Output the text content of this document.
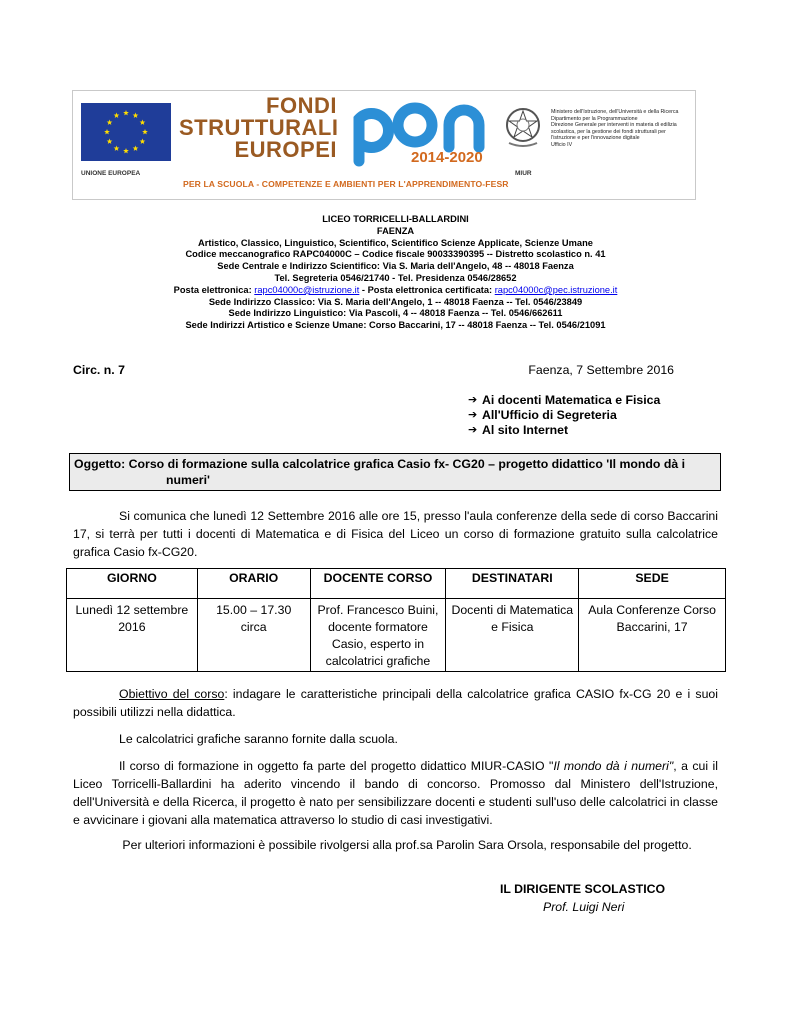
UNIONE EUROPEA
FONDI
STRUTTURALI
EUROPEI	2014-2020
Ministero dell'Istruzione, dell'Università e della Ricerca
Dipartimento per la Programmazione
Direzione Generale per interventi in materia di edilizia
scolastica, per la gestione dei fondi strutturali per
l'istruzione e per l'innovazione digitale
Ufficio IV
MIUR
PER LA SCUOLA - COMPETENZE E AMBIENTI PER L'APPRENDIMENTO-FESR
LICEO TORRICELLI-BALLARDINI
FAENZA
Artistico, Classico, Linguistico, Scientifico, Scientifico Scienze Applicate, Scienze Umane
Codice meccanografico RAPC04000C – Codice fiscale 90033390395 -- Distretto scolastico n. 41
Sede Centrale e Indirizzo Scientifico: Via S. Maria dell'Angelo, 48 -- 48018 Faenza
Tel. Segreteria 0546/21740 - Tel. Presidenza 0546/28652
Posta elettronica: rapc04000c@istruzione.it - Posta elettronica certificata: rapc04000c@pec.istruzione.it
Sede Indirizzo Classico: Via S. Maria dell'Angelo, 1 -- 48018 Faenza -- Tel. 0546/23849
Sede Indirizzo Linguistico: Via Pascoli, 4 -- 48018 Faenza -- Tel. 0546/662611
Sede Indirizzi Artistico e Scienze Umane: Corso Baccarini, 17 -- 48018 Faenza -- Tel. 0546/21091
Circ. n. 7	Faenza, 7 Settembre 2016
➔ Ai docenti Matematica e Fisica
➔ All'Ufficio di Segreteria
➔ Al sito Internet
Oggetto: Corso di formazione sulla calcolatrice grafica Casio fx- CG20 – progetto didattico 'Il mondo dà i
numeri'
Si comunica che lunedì 12 Settembre 2016 alle ore 15, presso l'aula conferenze della sede di corso Baccarini 17, si terrà per tutti i docenti di Matematica e di Fisica del Liceo un corso di formazione gratuito sulla calcolatrice grafica Casio fx-CG20.
GIORNO	ORARIO	DOCENTE CORSO	DESTINATARI	SEDE
Lunedì 12 settembre 2016	15.00 – 17.30 circa	Prof. Francesco Buini, docente formatore Casio, esperto in calcolatrici grafiche	Docenti di Matematica e Fisica	Aula Conferenze Corso Baccarini, 17
Obiettivo del corso: indagare le caratteristiche principali della calcolatrice grafica CASIO fx-CG 20 e i suoi possibili utilizzi nella didattica.
Le calcolatrici grafiche saranno fornite dalla scuola.
Il corso di formazione in oggetto fa parte del progetto didattico MIUR-CASIO "Il mondo dà i numeri", a cui il Liceo Torricelli-Ballardini ha aderito vincendo il bando di concorso. Promosso dal Ministero dell'Istruzione, dell'Università e della Ricerca, il progetto è nato per sensibilizzare docenti e studenti sull'uso delle calcolatrici in classe e avvicinare i giovani alla matematica attraverso lo studio di casi investigativi.
Per ulteriori informazioni è possibile rivolgersi alla prof.sa Parolin Sara Orsola, responsabile del progetto.
IL DIRIGENTE SCOLASTICO
Prof. Luigi Neri
